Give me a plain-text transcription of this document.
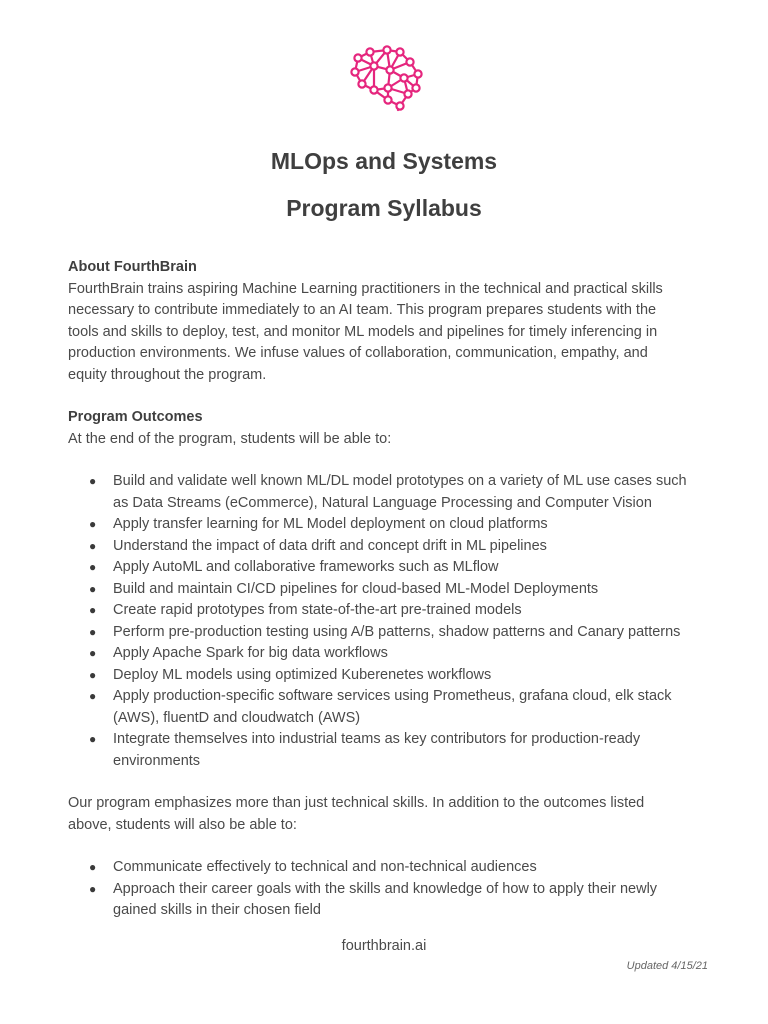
MLOps and Systems
Program Syllabus

About FourthBrain

FourthBrain trains aspiring Machine Learning practitioners in the technical and practical skills

necessary to contribute immediately to an AI team. This program prepares students with the

tools and skills to deploy, test, and monitor ML models and pipelines for timely inferencing in

production environments. We infuse values of collaboration, communication, empathy, and

equity throughout the program.

Program Outcomes

At the end of the program, students will be able to:

● Build and validate well known ML/DL model prototypes on a variety of ML use cases such
as Data Streams (eCommerce), Natural Language Processing and Computer Vision
● Apply transfer learning for ML Model deployment on cloud platforms
● Understand the impact of data drift and concept drift in ML pipelines
● Apply AutoML and collaborative frameworks such as MLflow
● Build and maintain CI/CD pipelines for cloud-based ML-Model Deployments
● Create rapid prototypes from state-of-the-art pre-trained models
● Perform pre-production testing using A/B patterns, shadow patterns and Canary patterns
● Apply Apache Spark for big data workflows
● Deploy ML models using optimized Kuberenetes workflows
● Apply production-specific software services using Prometheus, grafana cloud, elk stack
(AWS), fluentD and cloudwatch (AWS)
● Integrate themselves into industrial teams as key contributors for production-ready
environments

Our program emphasizes more than just technical skills. In addition to the outcomes listed

above, students will also be able to:

● Communicate effectively to technical and non-technical audiences
● Approach their career goals with the skills and knowledge of how to apply their newly
gained skills in their chosen field
fourthbrain.ai
Updated 4/15/21
